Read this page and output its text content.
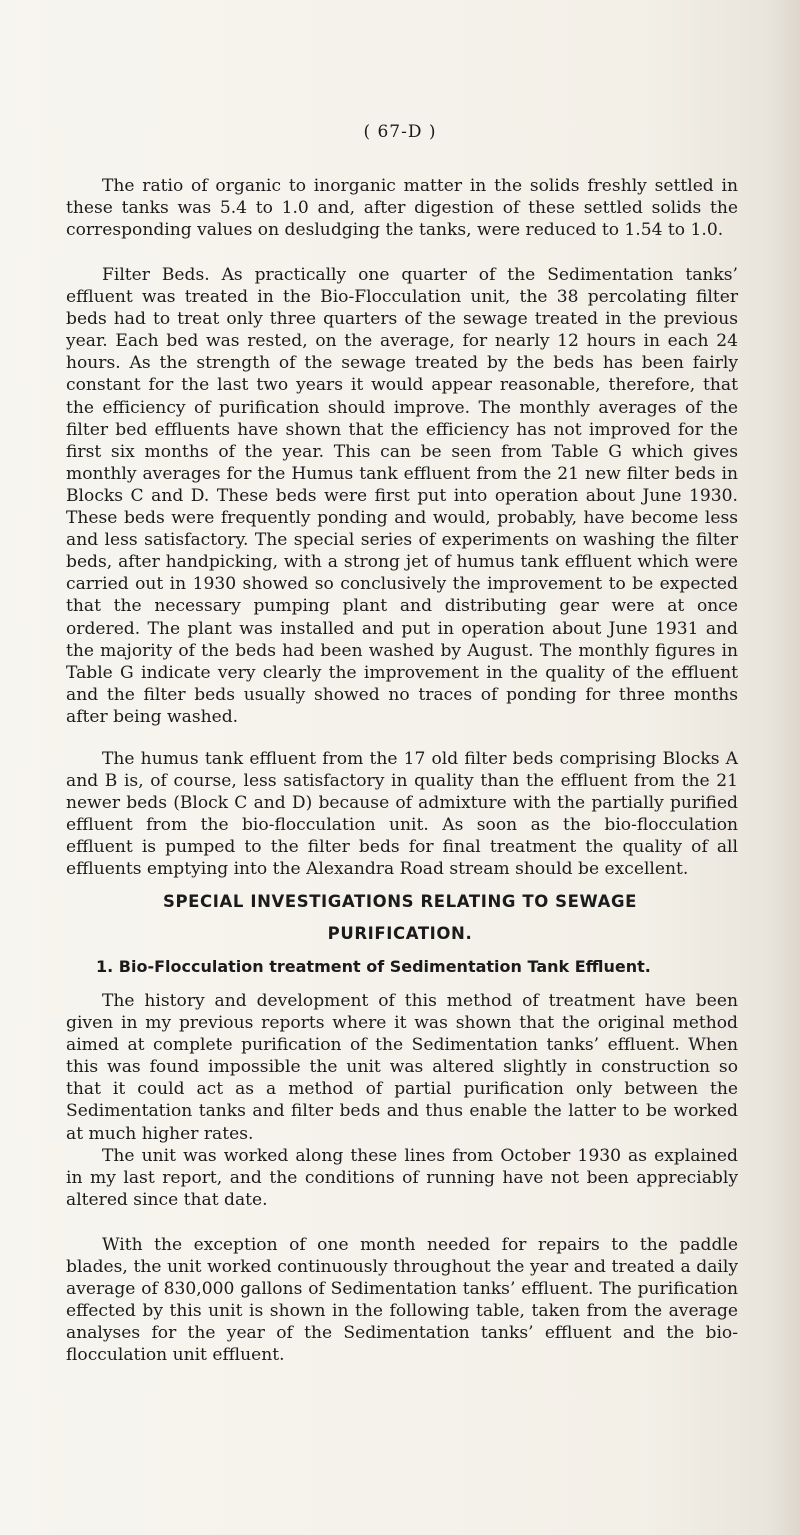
( 67-D )

The ratio of organic to inorganic matter in the solids freshly settled in these tanks was 5.4 to 1.0 and, after digestion of these settled solids the corresponding values on desludging the tanks, were reduced to 1.54 to 1.0.

Filter Beds. As practically one quarter of the Sedimentation tanks’ effluent was treated in the Bio-Flocculation unit, the 38 percolating filter beds had to treat only three quarters of the sewage treated in the previous year. Each bed was rested, on the average, for nearly 12 hours in each 24 hours. As the strength of the sewage treated by the beds has been fairly constant for the last two years it would appear reasonable, therefore, that the efficiency of purification should improve. The monthly averages of the filter bed effluents have shown that the efficiency has not improved for the first six months of the year. This can be seen from Table G which gives monthly averages for the Humus tank effluent from the 21 new filter beds in Blocks C and D. These beds were first put into operation about June 1930. These beds were frequently ponding and would, probably, have become less and less satisfactory. The special series of experiments on washing the filter beds, after handpicking, with a strong jet of humus tank effluent which were carried out in 1930 showed so conclusively the improvement to be expected that the necessary pumping plant and distributing gear were at once ordered. The plant was installed and put in operation about June 1931 and the majority of the beds had been washed by August. The monthly figures in Table G indicate very clearly the improvement in the quality of the effluent and the filter beds usually showed no traces of ponding for three months after being washed.

The humus tank effluent from the 17 old filter beds comprising Blocks A and B is, of course, less satisfactory in quality than the effluent from the 21 newer beds (Block C and D) because of admixture with the partially purified effluent from the bio-flocculation unit. As soon as the bio-flocculation effluent is pumped to the filter beds for final treatment the quality of all effluents emptying into the Alexandra Road stream should be excellent.

SPECIAL INVESTIGATIONS RELATING TO SEWAGE
PURIFICATION.
1. Bio-Flocculation treatment of Sedimentation Tank Effluent.

The history and development of this method of treatment have been given in my previous reports where it was shown that the original method aimed at complete purification of the Sedimentation tanks’ effluent. When this was found impossible the unit was altered slightly in construction so that it could act as a method of partial purification only between the Sedimentation tanks and filter beds and thus enable the latter to be worked at much higher rates.

The unit was worked along these lines from October 1930 as explained in my last report, and the conditions of running have not been appreciably altered since that date.

With the exception of one month needed for repairs to the paddle blades, the unit worked continuously throughout the year and treated a daily average of 830,000 gallons of Sedimentation tanks’ effluent. The purification effected by this unit is shown in the following table, taken from the average analyses for the year of the Sedimentation tanks’ effluent and the bio-flocculation unit effluent.
